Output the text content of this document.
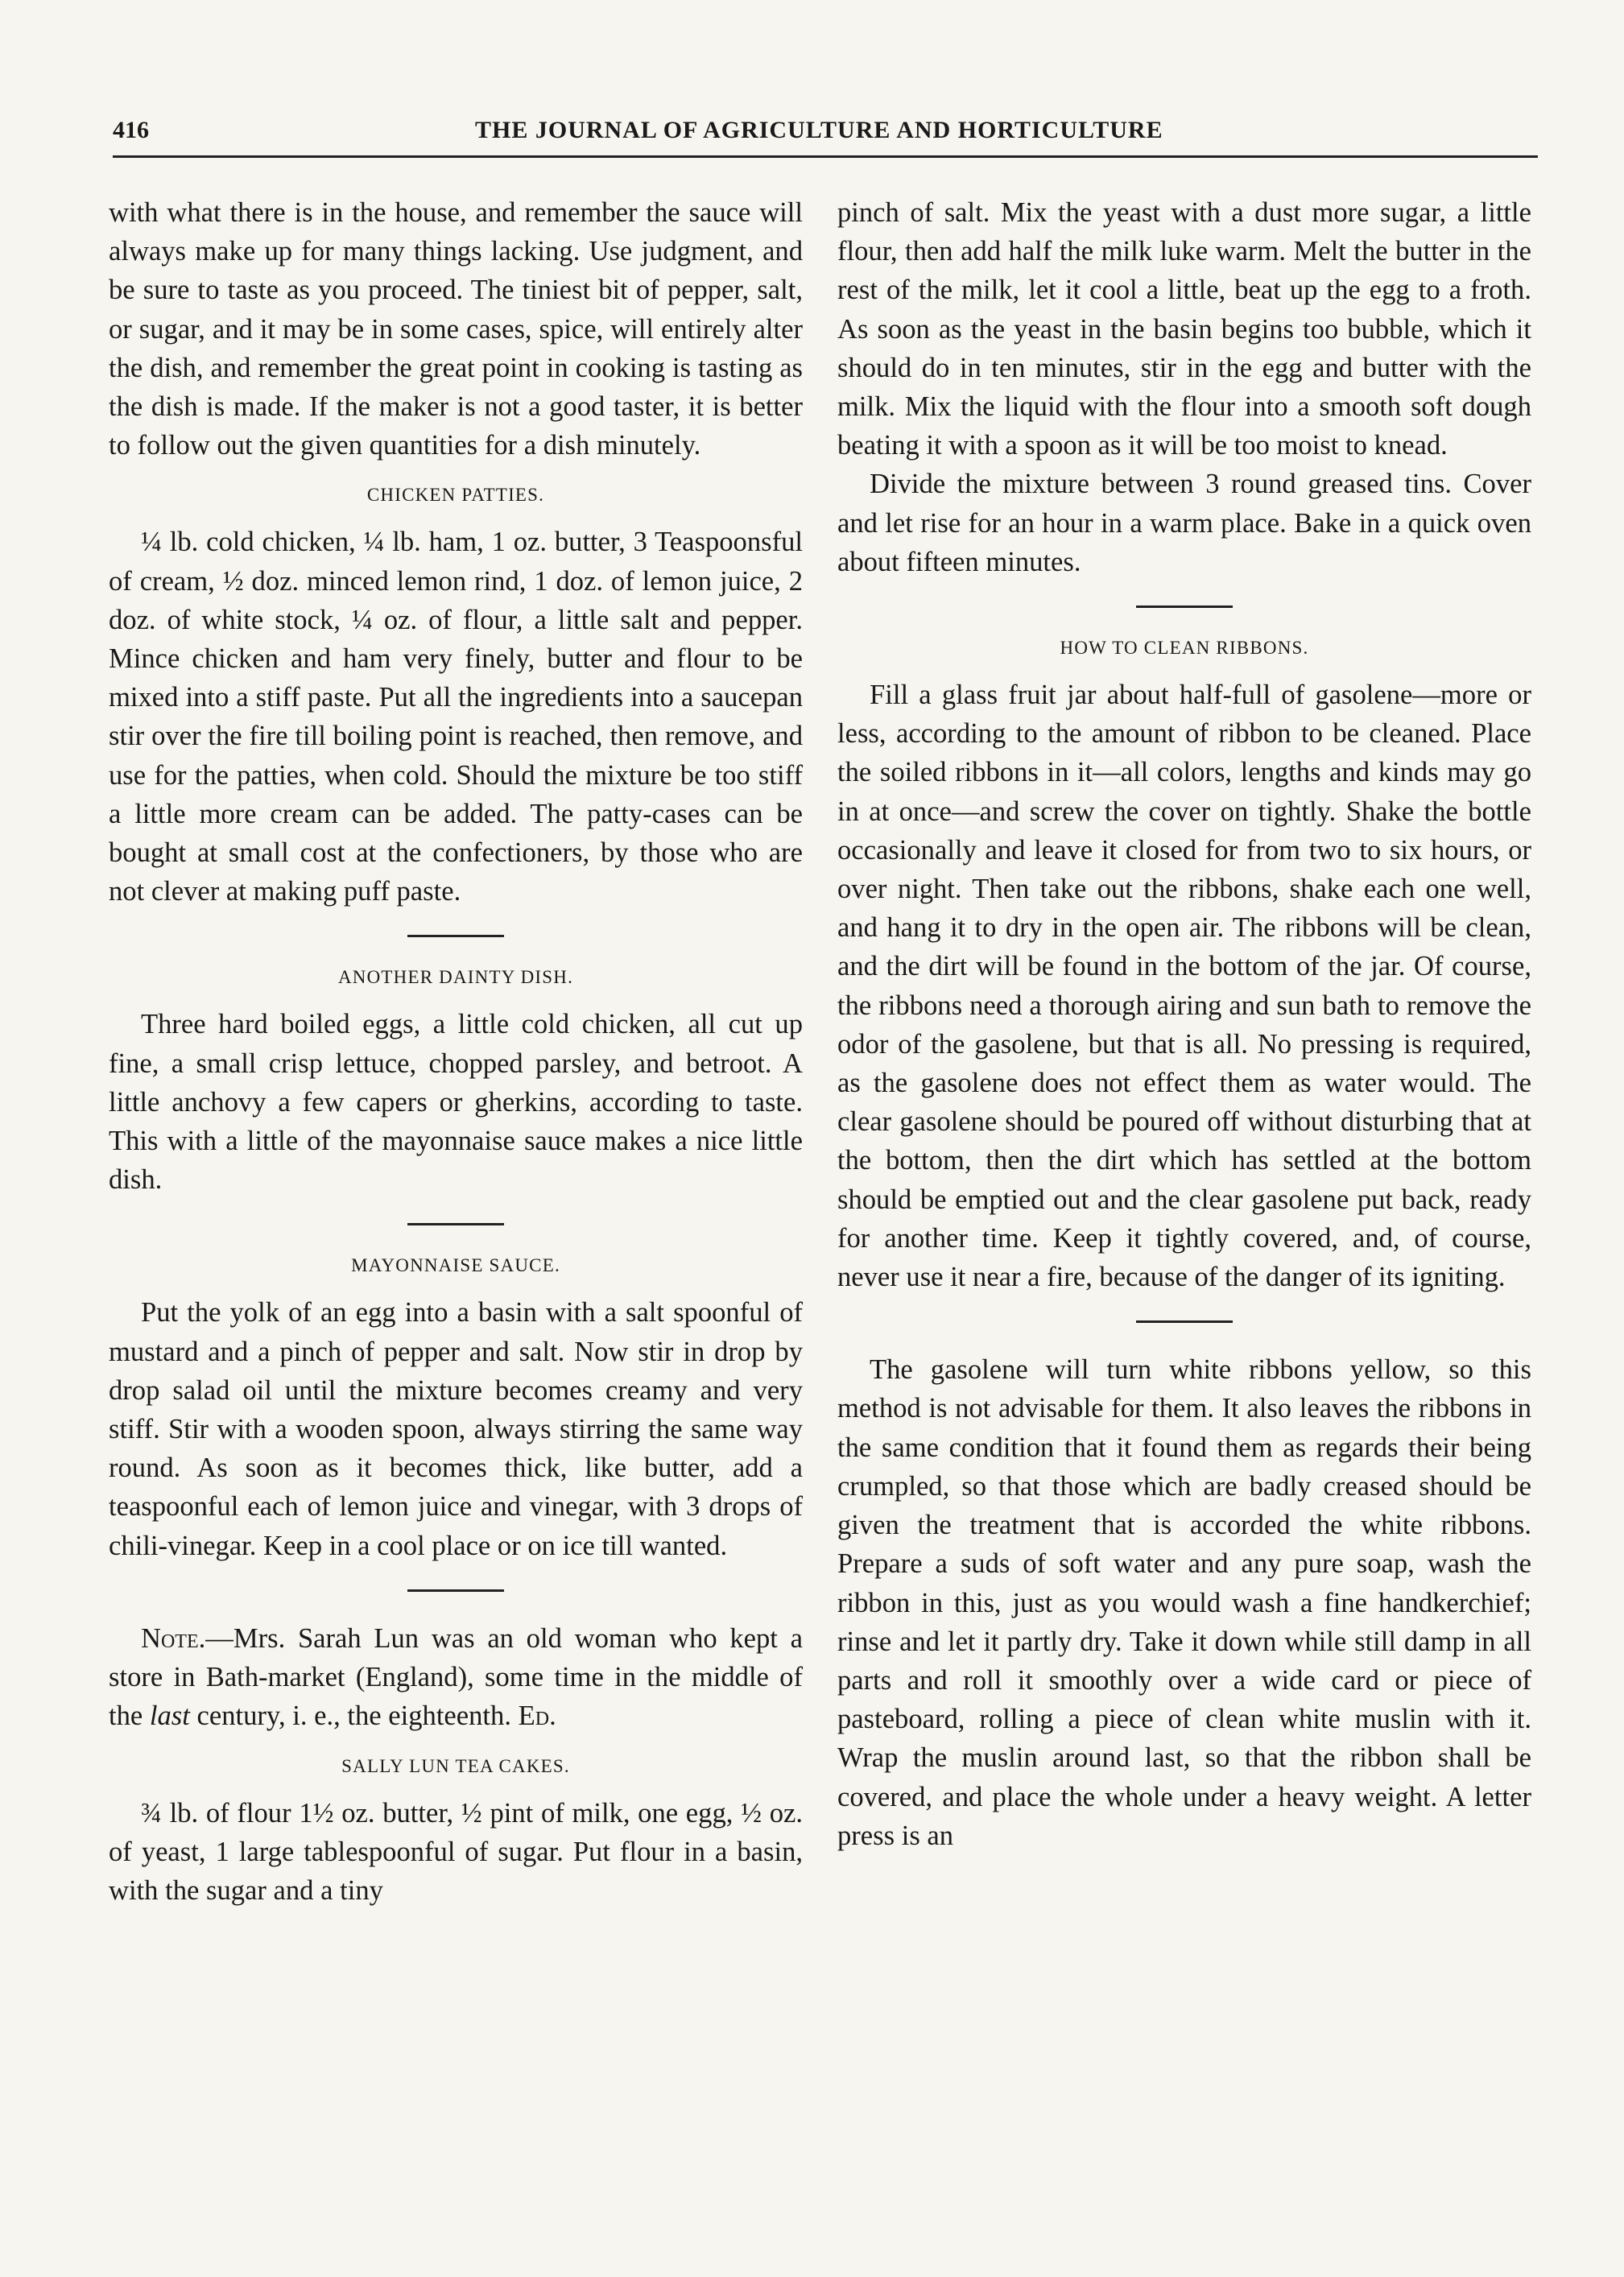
416	THE JOURNAL OF AGRICULTURE AND HORTICULTURE

with what there is in the house, and remember the sauce will always make up for many things lacking. Use judgment, and be sure to taste as you proceed. The tiniest bit of pepper, salt, or sugar, and it may be in some cases, spice, will entirely alter the dish, and remember the great point in cooking is tasting as the dish is made. If the maker is not a good taster, it is better to follow out the given quantities for a dish minutely.

CHICKEN PATTIES.

¼ lb. cold chicken, ¼ lb. ham, 1 oz. butter, 3 Teaspoonsful of cream, ½ doz. minced lemon rind, 1 doz. of lemon juice, 2 doz. of white stock, ¼ oz. of flour, a little salt and pepper. Mince chicken and ham very finely, butter and flour to be mixed into a stiff paste. Put all the ingredients into a saucepan stir over the fire till boiling point is reached, then remove, and use for the patties, when cold. Should the mixture be too stiff a little more cream can be added. The patty-cases can be bought at small cost at the confectioners, by those who are not clever at making puff paste.

ANOTHER DAINTY DISH.

Three hard boiled eggs, a little cold chicken, all cut up fine, a small crisp lettuce, chopped parsley, and betroot. A little anchovy a few capers or gherkins, according to taste. This with a little of the mayonnaise sauce makes a nice little dish.

MAYONNAISE SAUCE.

Put the yolk of an egg into a basin with a salt spoonful of mustard and a pinch of pepper and salt. Now stir in drop by drop salad oil until the mixture becomes creamy and very stiff. Stir with a wooden spoon, always stirring the same way round. As soon as it becomes thick, like butter, add a teaspoonful each of lemon juice and vinegar, with 3 drops of chili-vinegar. Keep in a cool place or on ice till wanted.

Note.—Mrs. Sarah Lun was an old woman who kept a store in Bath-market (England), some time in the middle of the last century, i. e., the eighteenth. Ed.

SALLY LUN TEA CAKES.

¾ lb. of flour 1½ oz. butter, ½ pint of milk, one egg, ½ oz. of yeast, 1 large tablespoonful of sugar. Put flour in a basin, with the sugar and a tiny

pinch of salt. Mix the yeast with a dust more sugar, a little flour, then add half the milk luke warm. Melt the butter in the rest of the milk, let it cool a little, beat up the egg to a froth. As soon as the yeast in the basin begins too bubble, which it should do in ten minutes, stir in the egg and butter with the milk. Mix the liquid with the flour into a smooth soft dough beating it with a spoon as it will be too moist to knead.

Divide the mixture between 3 round greased tins. Cover and let rise for an hour in a warm place. Bake in a quick oven about fifteen minutes.

HOW TO CLEAN RIBBONS.

Fill a glass fruit jar about half-full of gasolene—more or less, according to the amount of ribbon to be cleaned. Place the soiled ribbons in it—all colors, lengths and kinds may go in at once—and screw the cover on tightly. Shake the bottle occasionally and leave it closed for from two to six hours, or over night. Then take out the ribbons, shake each one well, and hang it to dry in the open air. The ribbons will be clean, and the dirt will be found in the bottom of the jar. Of course, the ribbons need a thorough airing and sun bath to remove the odor of the gasolene, but that is all. No pressing is required, as the gasolene does not effect them as water would. The clear gasolene should be poured off without disturbing that at the bottom, then the dirt which has settled at the bottom should be emptied out and the clear gasolene put back, ready for another time. Keep it tightly covered, and, of course, never use it near a fire, because of the danger of its igniting.

The gasolene will turn white ribbons yellow, so this method is not advisable for them. It also leaves the ribbons in the same condition that it found them as regards their being crumpled, so that those which are badly creased should be given the treatment that is accorded the white ribbons. Prepare a suds of soft water and any pure soap, wash the ribbon in this, just as you would wash a fine handkerchief; rinse and let it partly dry. Take it down while still damp in all parts and roll it smoothly over a wide card or piece of pasteboard, rolling a piece of clean white muslin with it. Wrap the muslin around last, so that the ribbon shall be covered, and place the whole under a heavy weight. A letter press is an
